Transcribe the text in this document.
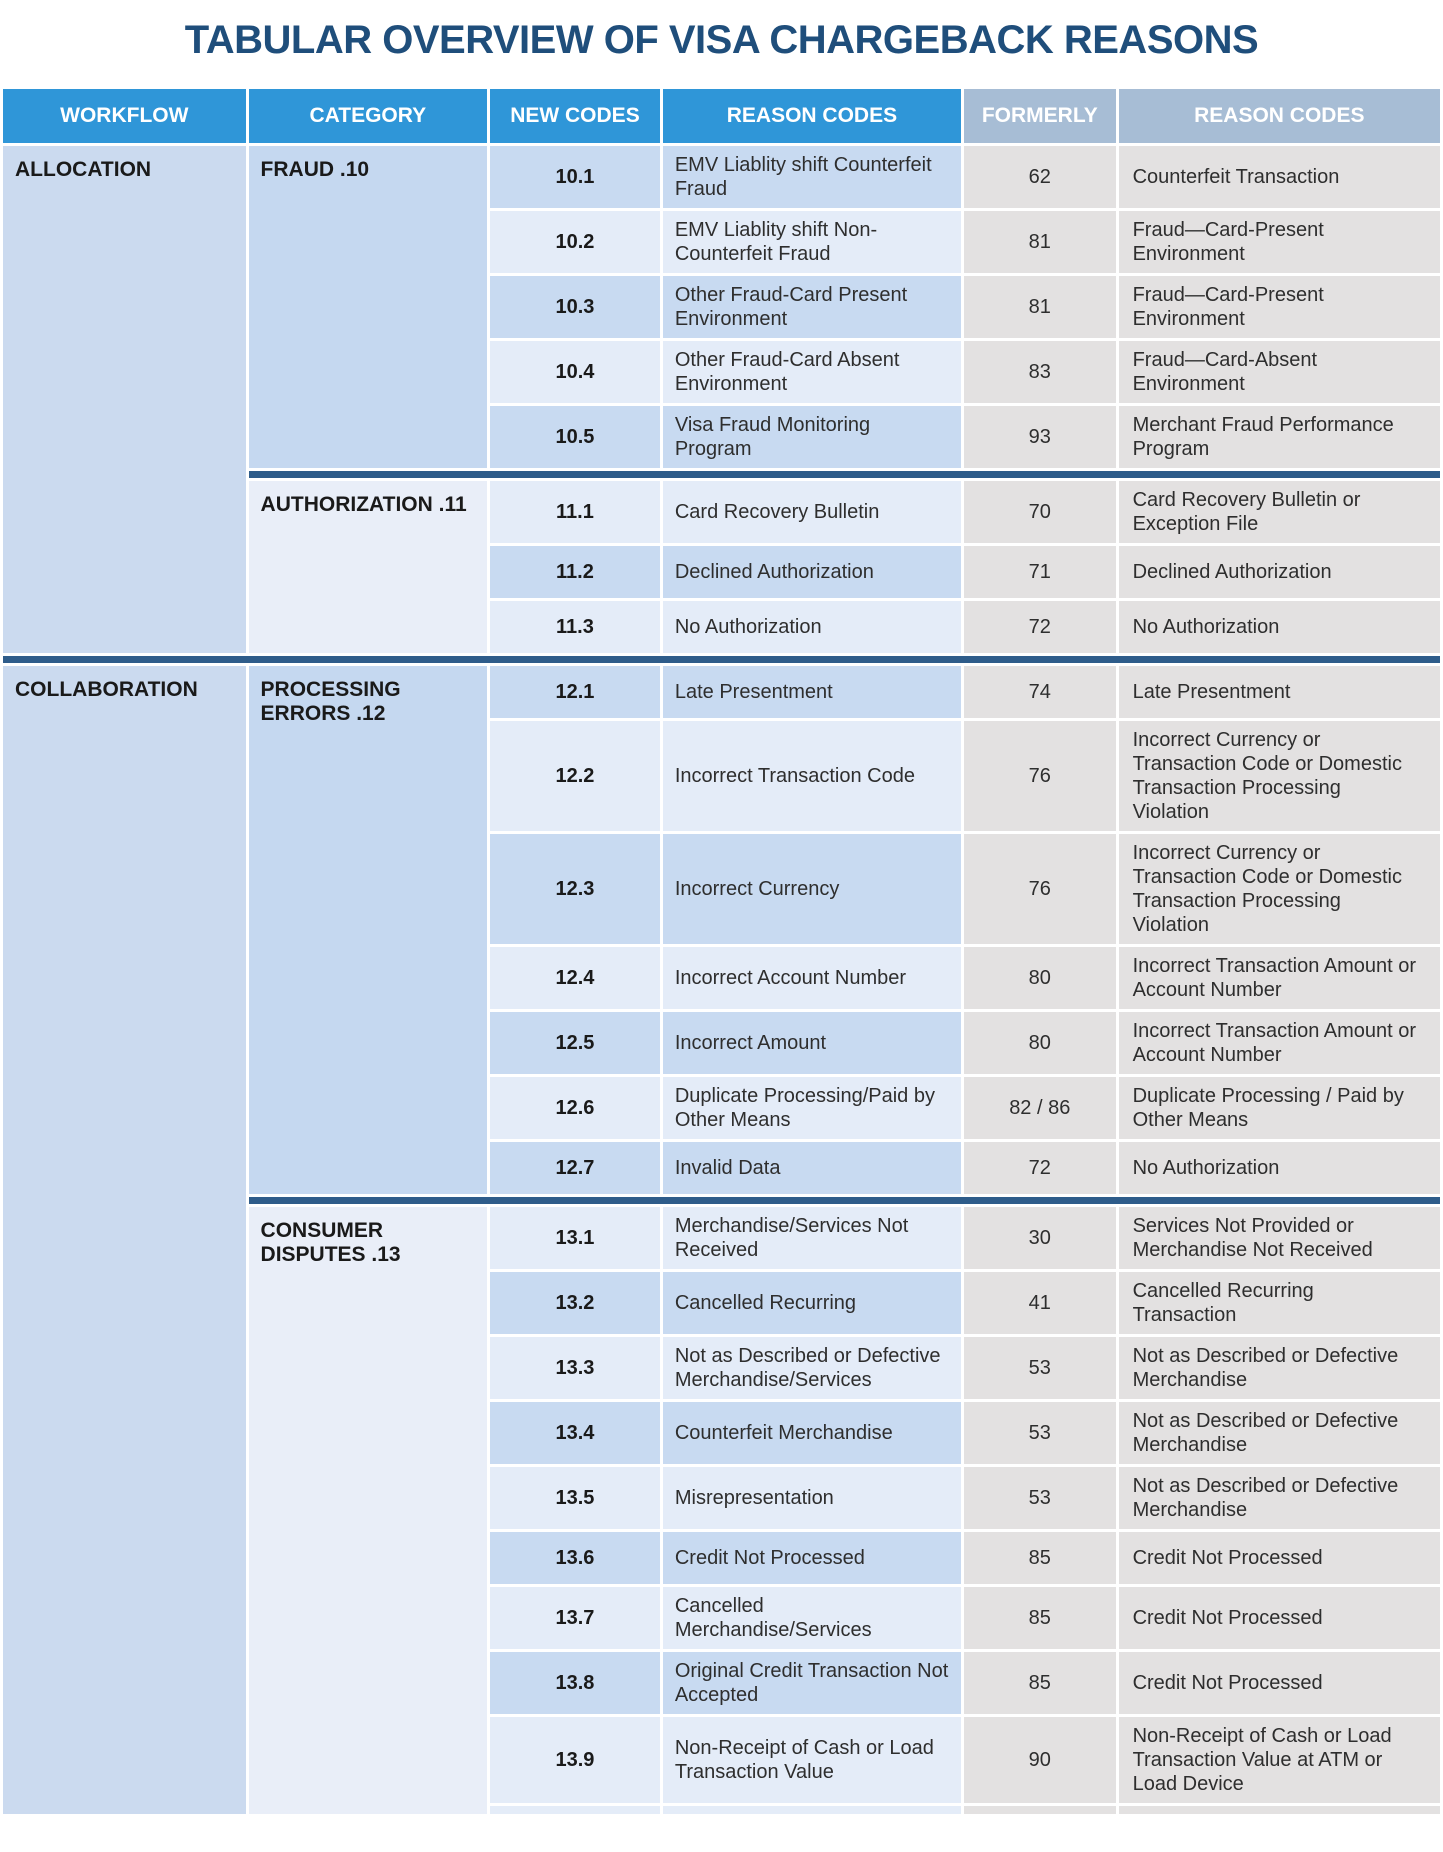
TABULAR OVERVIEW OF VISA CHARGEBACK REASONS
WORKFLOW	CATEGORY	NEW CODES	REASON CODES	FORMERLY	REASON CODES
ALLOCATION	FRAUD .10	10.1	EMV Liablity shift Counterfeit Fraud	62	Counterfeit Transaction
		10.2	EMV Liablity shift Non-Counterfeit Fraud	81	Fraud—Card-Present Environment
		10.3	Other Fraud-Card Present Environment	81	Fraud—Card-Present Environment
		10.4	Other Fraud-Card Absent Environment	83	Fraud—Card-Absent Environment
		10.5	Visa Fraud Monitoring Program	93	Merchant Fraud Performance Program

	AUTHORIZATION .11	11.1	Card Recovery Bulletin	70	Card Recovery Bulletin or Exception File
		11.2	Declined Authorization	71	Declined Authorization
		11.3	No Authorization	72	No Authorization

COLLABORATION	PROCESSING ERRORS .12	12.1	Late Presentment	74	Late Presentment
		12.2	Incorrect Transaction Code	76	Incorrect Currency or Transaction Code or Domestic Transaction Processing Violation
		12.3	Incorrect Currency	76	Incorrect Currency or Transaction Code or Domestic Transaction Processing Violation
		12.4	Incorrect Account Number	80	Incorrect Transaction Amount or Account Number
		12.5	Incorrect Amount	80	Incorrect Transaction Amount or Account Number
		12.6	Duplicate Processing/Paid by Other Means	82 / 86	Duplicate Processing / Paid by Other Means
		12.7	Invalid Data	72	No Authorization

	CONSUMER DISPUTES .13	13.1	Merchandise/Services Not Received	30	Services Not Provided or Merchandise Not Received
		13.2	Cancelled Recurring	41	Cancelled Recurring Transaction
		13.3	Not as Described or Defective Merchandise/Services	53	Not as Described or Defective Merchandise
		13.4	Counterfeit Merchandise	53	Not as Described or Defective Merchandise
		13.5	Misrepresentation	53	Not as Described or Defective Merchandise
		13.6	Credit Not Processed	85	Credit Not Processed
		13.7	Cancelled Merchandise/Services	85	Credit Not Processed
		13.8	Original Credit Transaction Not Accepted	85	Credit Not Processed
		13.9	Non-Receipt of Cash or Load Transaction Value	90	Non-Receipt of Cash or Load Transaction Value at ATM or Load Device
